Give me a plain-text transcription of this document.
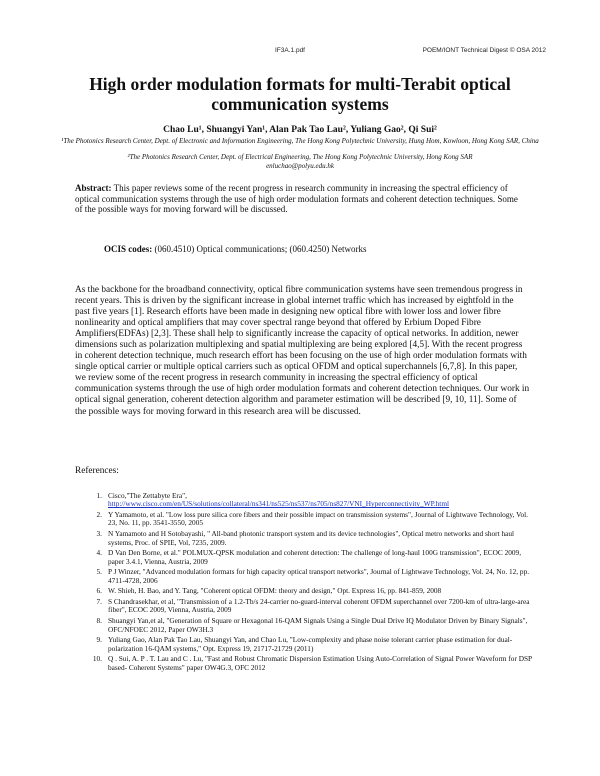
IF3A.1.pdf	POEM/IONT Technical Digest © OSA 2012
High order modulation formats for multi-Terabit optical
communication systems
Chao Lu¹, Shuangyi Yan¹, Alan Pak Tao Lau², Yuliang Gao², Qi Sui²
¹The Photonics Research Center, Dept. of Electronic and Information Engineering, The Hong Kong Polytechnic University, Hung Hom, Kowloon, Hong Kong SAR, China
²The Photonics Research Center, Dept. of Electrical Engineering, The Hong Kong Polytechnic University, Hong Kong SAR
enluchao@polyu.edu.hk
Abstract: This paper reviews some of the recent progress in research community in increasing the spectral efficiency of optical communication systems through the use of high order modulation formats and coherent detection techniques. Some of the possible ways for moving forward will be discussed.
OCIS codes: (060.4510) Optical communications; (060.4250) Networks
As the backbone for the broadband connectivity, optical fibre communication systems have seen tremendous progress in recent years. This is driven by the significant increase in global internet traffic which has increased by eightfold in the past five years [1]. Research efforts have been made in designing new optical fibre with lower loss and lower fibre nonlinearity and optical amplifiers that may cover spectral range beyond that offered by Erbium Doped Fibre Amplifiers(EDFAs) [2,3]. These shall help to significantly increase the capacity of optical networks. In addition, newer dimensions such as polarization multiplexing and spatial multiplexing are being explored [4,5]. With the recent progress in coherent detection technique, much research effort has been focusing on the use of high order modulation formats with single optical carrier or multiple optical carriers such as optical OFDM and optical superchannels [6,7,8]. In this paper, we review some of the recent progress in research community in increasing the spectral efficiency of optical communication systems through the use of high order modulation formats and coherent detection techniques. Our work in optical signal generation, coherent detection algorithm and parameter estimation will be described [9, 10, 11]. Some of the possible ways for moving forward in this research area will be discussed.
References:
1. Cisco,"The Zettabyte Era",
http://www.cisco.com/en/US/solutions/collateral/ns341/ns525/ns537/ns705/ns827/VNI_Hyperconnectivity_WP.html
2. Y Yamamoto, et al. "Low loss pure silica core fibers and their possible impact on transmission systems", Journal of Lightwave Technology, Vol. 23, No. 11, pp. 3541-3550, 2005
3. N Yamamoto and H Sotobayashi, " All-band photonic transport system and its device technologies", Optical metro networks and short haul systems, Proc. of SPIE, Vol, 7235, 2009.
4. D Van Den Borne, et al." POLMUX-QPSK modulation and coherent detection: The challenge of long-haul 100G transmission", ECOC 2009, paper 3.4.1, Vienna, Austria, 2009
5. P J Winzer, "Advanced modulation formats for high capacity optical transport networks", Journal of Lightwave Technology, Vol. 24, No. 12, pp. 4711-4728, 2006
6. W. Shieh, H. Bao, and Y. Tang, "Coherent optical OFDM: theory and design," Opt. Express 16, pp. 841-859, 2008
7. S Chandrasekhar, et al, "Transmission of a 1.2-Tb/s 24-carrier no-guard-interval coherent OFDM superchannel over 7200-km of ultra-large-area fiber", ECOC 2009, Vienna, Austria, 2009
8. Shuangyi Yan,et al, "Generation of Square or Hexagonal 16-QAM Signals Using a Single Dual Drive IQ Modulator Driven by Binary Signals", OFC/NFOEC 2012, Paper OW3H.3
9. Yuliang Gao, Alan Pak Tao Lau, Shuangyi Yan, and Chao Lu, "Low-complexity and phase noise tolerant carrier phase estimation for dual-polarization 16-QAM systems," Opt. Express 19, 21717-21729 (2011)
10. Q . Sui, A. P . T. Lau and C . Lu, "Fast and Robust Chromatic Dispersion Estimation Using Auto-Correlation of Signal Power Waveform for DSP based- Coherent Systems" paper OW4G.3, OFC 2012
